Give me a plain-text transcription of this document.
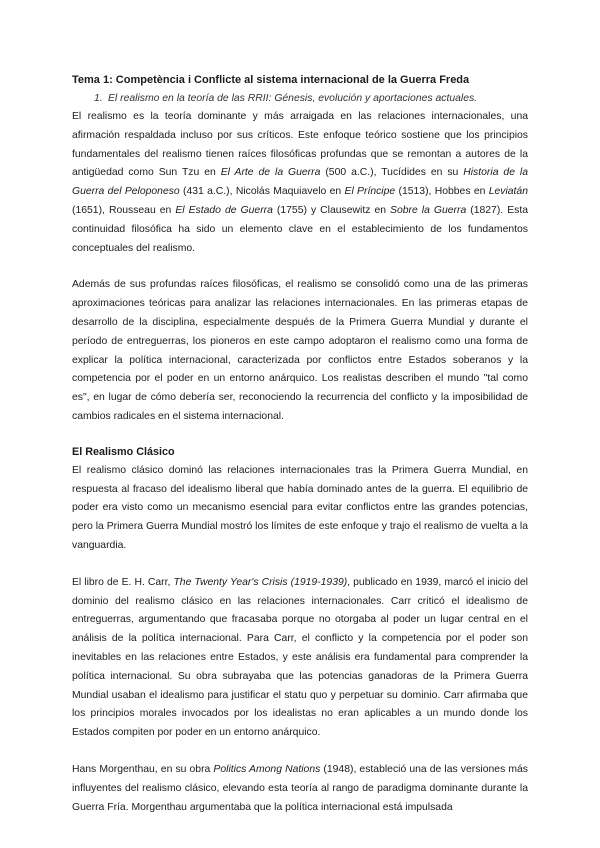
Tema 1: Competència i Conflicte al sistema internacional de la Guerra Freda
1. El realismo en la teoría de las RRII: Génesis, evolución y aportaciones actuales.

El realismo es la teoría dominante y más arraigada en las relaciones internacionales, una afirmación respaldada incluso por sus críticos. Este enfoque teórico sostiene que los principios fundamentales del realismo tienen raíces filosóficas profundas que se remontan a autores de la antigüedad como Sun Tzu en El Arte de la Guerra (500 a.C.), Tucídides en su Historia de la Guerra del Peloponeso (431 a.C.), Nicolás Maquiavelo en El Príncipe (1513), Hobbes en Leviatán (1651), Rousseau en El Estado de Guerra (1755) y Clausewitz en Sobre la Guerra (1827). Esta continuidad filosófica ha sido un elemento clave en el establecimiento de los fundamentos conceptuales del realismo.

Además de sus profundas raíces filosóficas, el realismo se consolidó como una de las primeras aproximaciones teóricas para analizar las relaciones internacionales. En las primeras etapas de desarrollo de la disciplina, especialmente después de la Primera Guerra Mundial y durante el período de entreguerras, los pioneros en este campo adoptaron el realismo como una forma de explicar la política internacional, caracterizada por conflictos entre Estados soberanos y la competencia por el poder en un entorno anárquico. Los realistas describen el mundo "tal como es", en lugar de cómo debería ser, reconociendo la recurrencia del conflicto y la imposibilidad de cambios radicales en el sistema internacional.

El Realismo Clásico

El realismo clásico dominó las relaciones internacionales tras la Primera Guerra Mundial, en respuesta al fracaso del idealismo liberal que había dominado antes de la guerra. El equilibrio de poder era visto como un mecanismo esencial para evitar conflictos entre las grandes potencias, pero la Primera Guerra Mundial mostró los límites de este enfoque y trajo el realismo de vuelta a la vanguardia.

El libro de E. H. Carr, The Twenty Year's Crisis (1919-1939), publicado en 1939, marcó el inicio del dominio del realismo clásico en las relaciones internacionales. Carr criticó el idealismo de entreguerras, argumentando que fracasaba porque no otorgaba al poder un lugar central en el análisis de la política internacional. Para Carr, el conflicto y la competencia por el poder son inevitables en las relaciones entre Estados, y este análisis era fundamental para comprender la política internacional. Su obra subrayaba que las potencias ganadoras de la Primera Guerra Mundial usaban el idealismo para justificar el statu quo y perpetuar su dominio. Carr afirmaba que los principios morales invocados por los idealistas no eran aplicables a un mundo donde los Estados compiten por poder en un entorno anárquico.

Hans Morgenthau, en su obra Politics Among Nations (1948), estableció una de las versiones más influyentes del realismo clásico, elevando esta teoría al rango de paradigma dominante durante la Guerra Fría. Morgenthau argumentaba que la política internacional está impulsada
